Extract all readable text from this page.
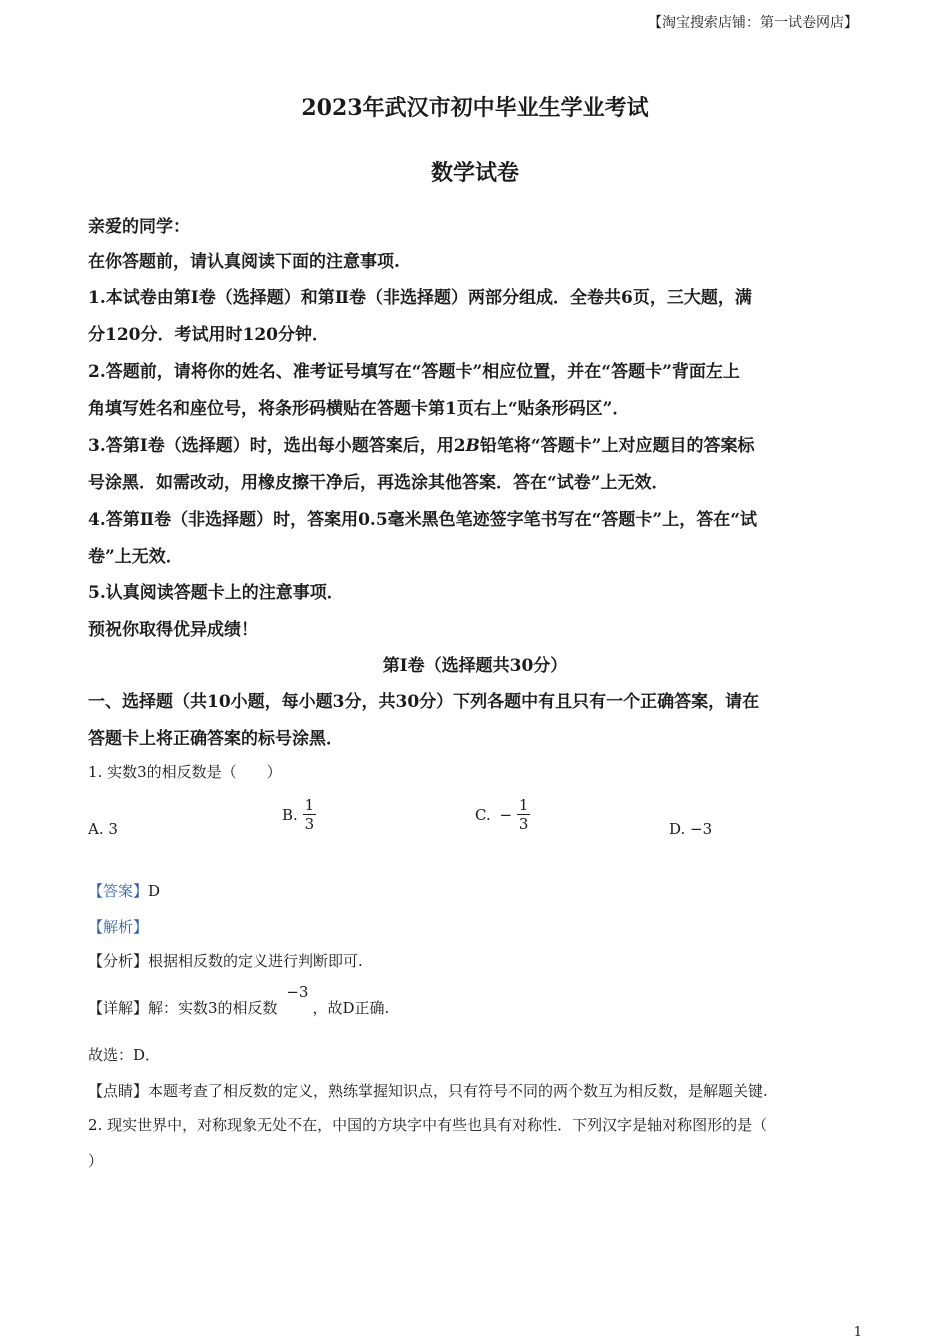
【淘宝搜索店铺：第一试卷网店】
2023年武汉市初中毕业生学业考试
数学试卷
亲爱的同学：
在你答题前，请认真阅读下面的注意事项.
1.本试卷由第Ⅰ卷（选择题）和第Ⅱ卷（非选择题）两部分组成．全卷共6页，三大题，满
分120分．考试用时120分钟．
2.答题前，请将你的姓名、准考证号填写在“答题卡”相应位置，并在“答题卡”背面左上
角填写姓名和座位号，将条形码横贴在答题卡第1页右上“贴条形码区”．
3.答第Ⅰ卷（选择题）时，选出每小题答案后，用2B铅笔将“答题卡”上对应题目的答案标
号涂黑．如需改动，用橡皮擦干净后，再选涂其他答案．答在“试卷”上无效．
4.答第Ⅱ卷（非选择题）时，答案用0.5毫米黑色笔迹签字笔书写在“答题卡”上，答在“试
卷”上无效．
5.认真阅读答题卡上的注意事项．
预祝你取得优异成绩！
第Ⅰ卷（选择题共30分）
一、选择题（共10小题，每小题3分，共30分）下列各题中有且只有一个正确答案，请在
答题卡上将正确答案的标号涂黑．
1. 实数3的相反数是（　　）
A. 3
B. $\frac{1}{3}$	C. − $\frac{1}{3}$	D. −3
【答案】D
【解析】
【分析】根据相反数的定义进行判断即可.
【详解】解：实数3的相反数 −3，故D正确.
故选：D．
【点睛】本题考查了相反数的定义，熟练掌握知识点，只有符号不同的两个数互为相反数，是解题关键.
2. 现实世界中，对称现象无处不在，中国的方块字中有些也具有对称性．下列汉字是轴对称图形的是（
）
1
